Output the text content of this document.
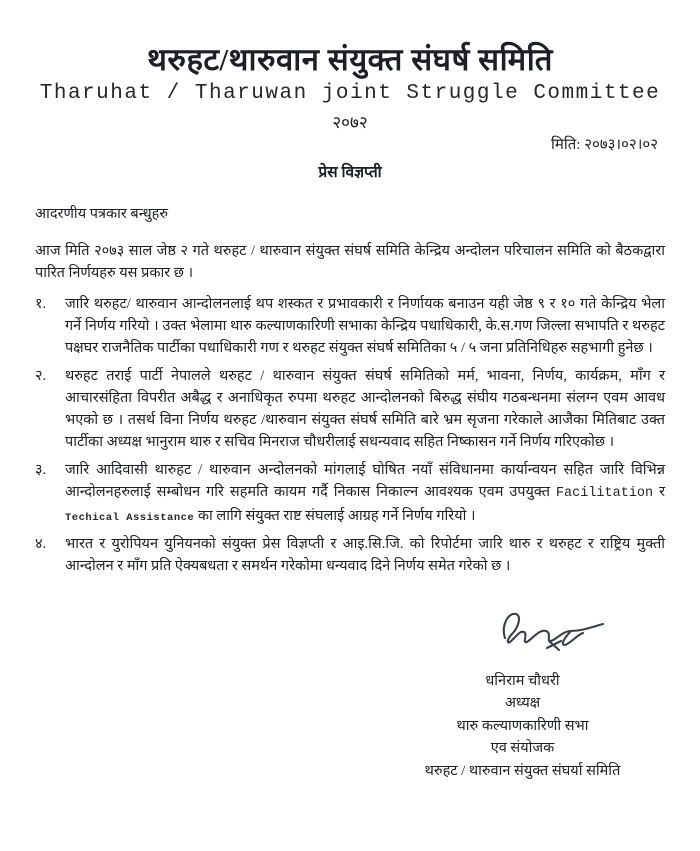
थरुहट/थारुवान संयुक्त संघर्ष समिति
Tharuhat / Tharuwan joint Struggle Committee
२०७२
मिति: २०७३।०२।०२
प्रेस विज्ञप्ती
आदरणीय पत्रकार बन्धुहरु
आज मिति २०७३ साल जेष्ठ २ गते थरुहट / थारुवान संयुक्त संघर्ष समिति केन्द्रिय अन्दोलन परिचालन समिति को बैठकद्वारा पारित निर्णयहरु यस प्रकार छ ।
१.	जारि थरुहट/ थारुवान आन्दोलनलाई थप शस्कत र प्रभावकारी र निर्णायक बनाउन यही जेष्ठ ९ र १० गते केन्द्रिय भेला गर्ने निर्णय गरियो । उक्त भेलामा थारु कल्याणकारिणी सभाका केन्द्रिय पधाधिकारी, के.स.गण जिल्ला सभापति र थरुहट पक्षघर राजनैतिक पार्टीका पधाधिकारी गण र थरुहट संयुक्त संघर्ष समितिका ५ / ५ जना प्रतिनिधिहरु सहभागी हुनेछ ।
२.	थरुहट तराई पार्टी नेपालले थरुहट / थारुवान संयुक्त संघर्ष समितिको मर्म, भावना, निर्णय, कार्यक्रम, माँग र आचारसंहिता विपरीत अबैद्ध र अनाधिकृत रुपमा थरुहट आन्दोलनको बिरुद्ध संघीय गठबन्धनमा संलग्न एवम आवध भएको छ । तसर्थ विना निर्णय थरुहट /थारुवान संयुक्त संघर्ष समिति बारे भ्रम सृजना गरेकाले आजैका मितिबाट उक्त पार्टीका अध्यक्ष भानुराम थारु र सचिव मिनराज चौधरीलाई सधन्यवाद सहित निष्कासन गर्ने निर्णय गरिएकोछ ।
३.	जारि आदिवासी थारुहट / थारुवान अन्दोलनको मांगलाई घोषित नयाँ संविधानमा कार्यान्वयन सहित जारि विभिन्न आन्दोलनहरुलाई सम्बोधन गरि सहमति कायम गर्दै निकास निकाल्न आवश्यक एवम उपयुक्त Facilitation र Techical Assistance का लागि संयुक्त राष्ट संघलाई आग्रह गर्ने निर्णय गरियो ।
४.	भारत र युरोपियन युनियनको संयुक्त प्रेस विज्ञप्ती र आइ.सि.जि. को रिपोर्टमा जारि थारु र थरुहट र राष्ट्रिय मुक्ती आन्दोलन र माँग प्रति ऐक्यबधता र समर्थन गरेकोमा धन्यवाद दिने निर्णय समेत गरेको छ ।
धनिराम चौधरी
अध्यक्ष
थारु कल्याणकारिणी सभा
एव संयोजक
थरुहट / थारुवान संयुक्त संघर्या समिति
